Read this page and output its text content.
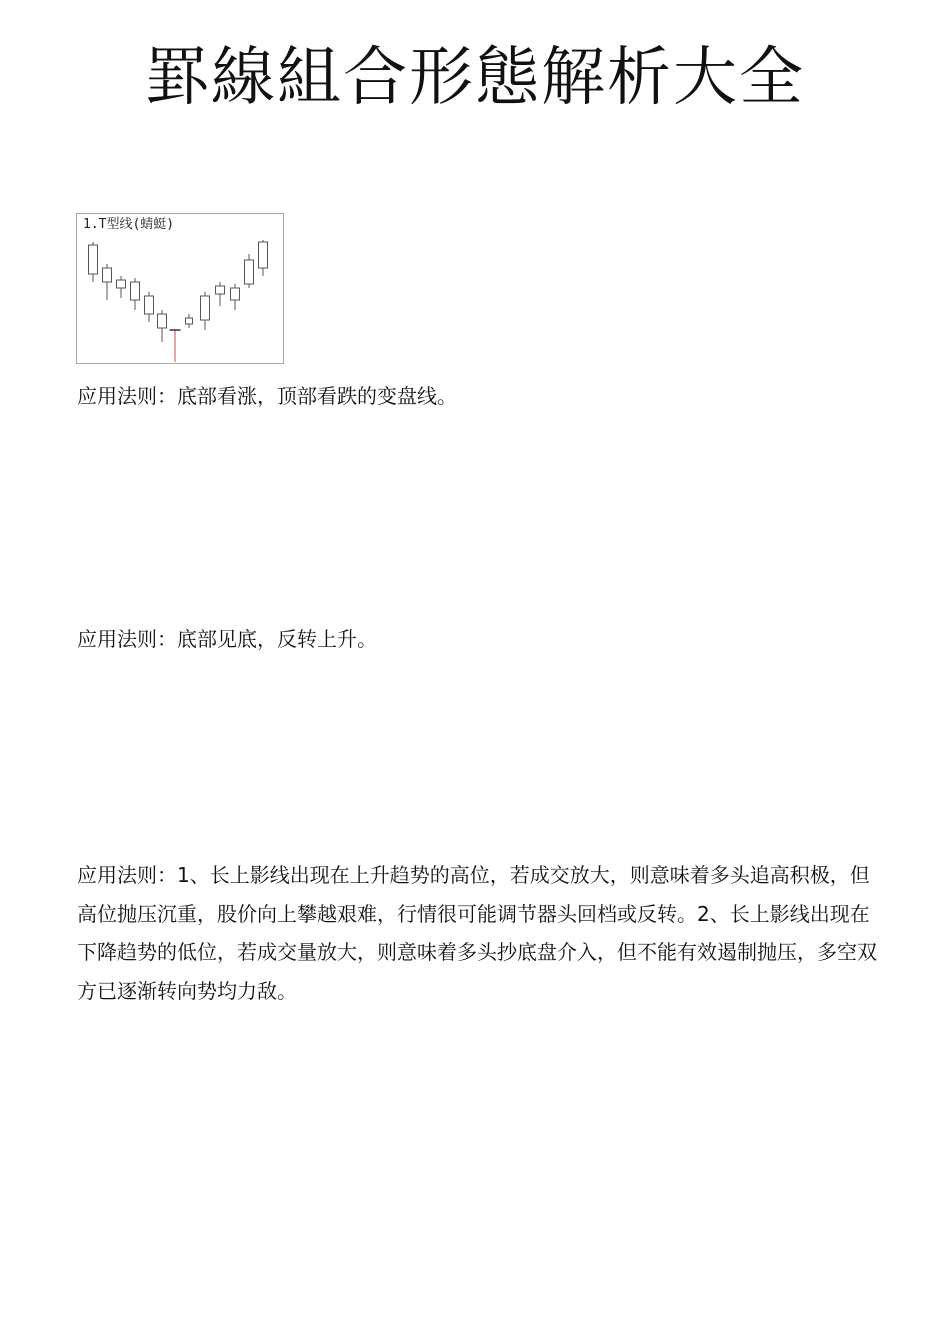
罫線組合形態解析大全
1.T型线(蜻蜓)

应用法则：底部看涨，顶部看跌的变盘线。

应用法则：底部见底，反转上升。

应用法则：1、长上影线出现在上升趋势的高位，若成交放大，则意味着多头追高积极，但高位抛压沉重，股价向上攀越艰难，行情很可能调节器头回档或反转。2、长上影线出现在下降趋势的低位，若成交量放大，则意味着多头抄底盘介入，但不能有效遏制抛压，多空双方已逐渐转向势均力敌。
